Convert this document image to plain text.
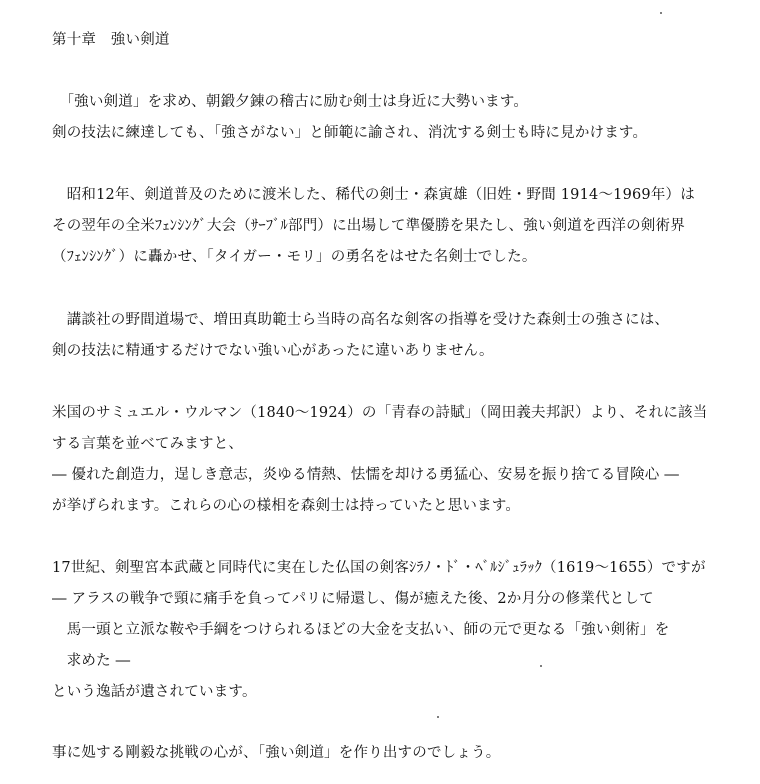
第十章　強い剣道
　「強い剣道」を求め、朝鍛夕錬の稽古に励む剣士は身近に大勢います。
剣の技法に練達しても、「強さがない」と師範に諭され、消沈する剣士も時に見かけます。
　昭和12年、剣道普及のために渡米した、稀代の剣士・森寅雄（旧姓・野間 1914～1969年）は
その翌年の全米ﾌｪﾝｼﾝｸﾞ大会（ｻｰﾌﾞﾙ部門）に出場して準優勝を果たし、強い剣道を西洋の剣術界
（ﾌｪﾝｼﾝｸﾞ）に轟かせ、「タイガー・モリ」の勇名をはせた名剣士でした。
　講談社の野間道場で、増田真助範士ら当時の高名な剣客の指導を受けた森剣士の強さには、
剣の技法に精通するだけでない強い心があったに違いありません。
米国のサミュエル・ウルマン（1840～1924）の「青春の詩賦」（岡田義夫邦訳）より、それに該当
する言葉を並べてみますと、
― 優れた創造力，逞しき意志，炎ゆる情熱、怯懦を却ける勇猛心、安易を振り捨てる冒険心 ―
が挙げられます。これらの心の様相を森剣士は持っていたと思います。
17世紀、剣聖宮本武蔵と同時代に実在した仏国の剣客ｼﾗﾉ・ﾄﾞ・ﾍﾞﾙｼﾞｭﾗｯｸ（1619～1655）ですが
― アラスの戦争で頸に痛手を負ってパリに帰還し、傷が癒えた後、2か月分の修業代として
　馬一頭と立派な鞍や手綱をつけられるほどの大金を支払い、師の元で更なる「強い剣術」を
　求めた ―
という逸話が遺されています。
事に処する剛毅な挑戦の心が、「強い剣道」を作り出すのでしょう。
